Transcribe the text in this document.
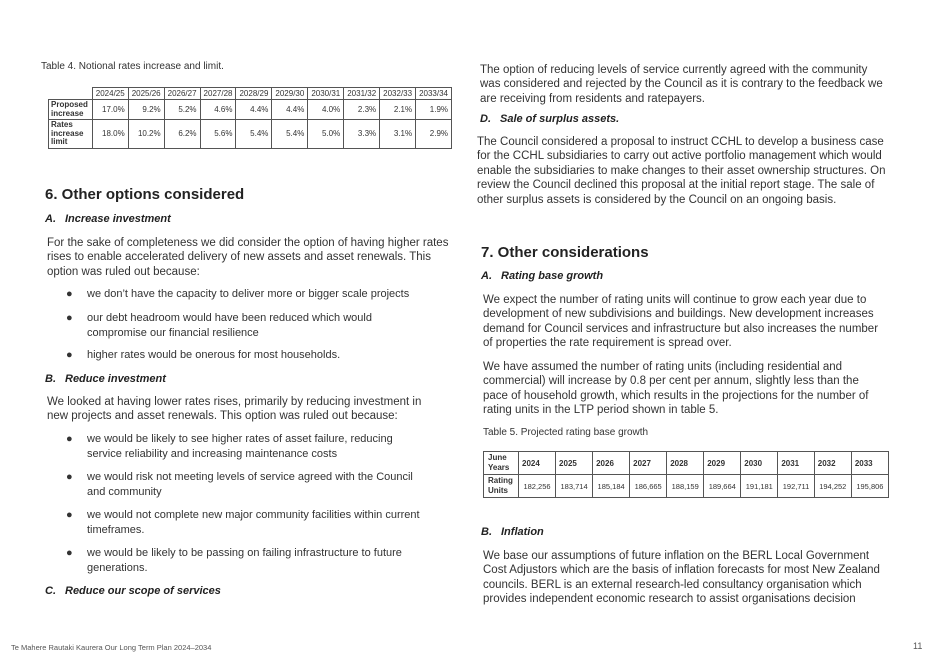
Table 4. Notional rates increase and limit.

	2024/25	2025/26	2026/27	2027/28	2028/29	2029/30	2030/31	2031/32	2032/33	2033/34
Proposed increase	17.0%	9.2%	5.2%	4.6%	4.4%	4.4%	4.0%	2.3%	2.1%	1.9%
Rates increase limit	18.0%	10.2%	6.2%	5.6%	5.4%	5.4%	5.0%	3.3%	3.1%	2.9%
6. Other options considered
A. Increase investment

For the sake of completeness we did consider the option of having higher rates rises to enable accelerated delivery of new assets and asset renewals. This option was ruled out because:

● we don’t have the capacity to deliver more or bigger scale projects
● our debt headroom would have been reduced which would compromise our financial resilience
● higher rates would be onerous for most households.
B. Reduce investment

We looked at having lower rates rises, primarily by reducing investment in new projects and asset renewals. This option was ruled out because:

● we would be likely to see higher rates of asset failure, reducing service reliability and increasing maintenance costs
● we would risk not meeting levels of service agreed with the Council and community
● we would not complete new major community facilities within current timeframes.
● we would be likely to be passing on failing infrastructure to future generations.
C. Reduce our scope of services

The option of reducing levels of service currently agreed with the community was considered and rejected by the Council as it is contrary to the feedback we are receiving from residents and ratepayers.

D. Sale of surplus assets.

The Council considered a proposal to instruct CCHL to develop a business case for the CCHL subsidiaries to carry out active portfolio management which would enable the subsidiaries to make changes to their asset ownership structures. On review the Council declined this proposal at the initial report stage. The sale of other surplus assets is considered by the Council on an ongoing basis.

7. Other considerations
A. Rating base growth

We expect the number of rating units will continue to grow each year due to development of new subdivisions and buildings. New development increases demand for Council services and infrastructure but also increases the number of properties the rate requirement is spread over.

We have assumed the number of rating units (including residential and commercial) will increase by 0.8 per cent per annum, slightly less than the pace of household growth, which results in the projections for the number of rating units in the LTP period shown in table 5.

Table 5. Projected rating base growth

June Years	2024	2025	2026	2027	2028	2029	2030	2031	2032	2033
Rating Units	182,256	183,714	185,184	186,665	188,159	189,664	191,181	192,711	194,252	195,806
B. Inflation

We base our assumptions of future inflation on the BERL Local Government Cost Adjustors which are the basis of inflation forecasts for most New Zealand councils. BERL is an external research-led consultancy organisation which provides independent economic research to assist organisations decision

Te Mahere Rautaki Kaurera Our Long Term Plan 2024–2034	11
